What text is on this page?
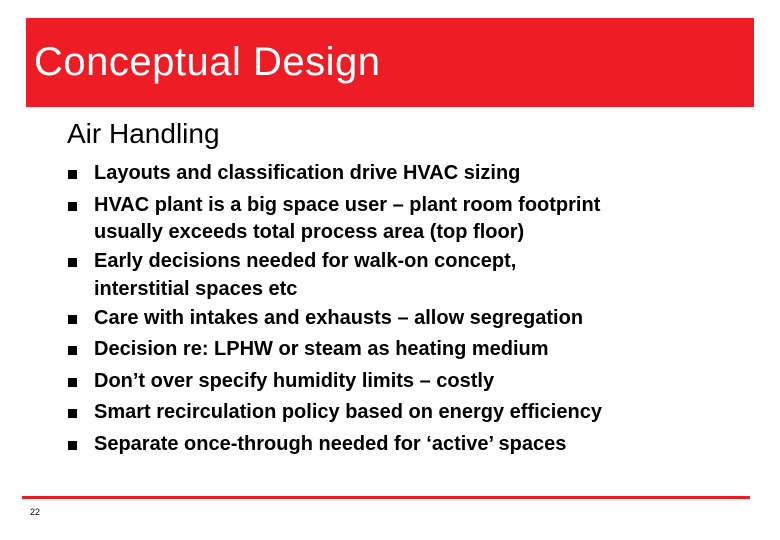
Conceptual Design
Air Handling
Layouts and classification drive HVAC sizing
HVAC plant is a big space user – plant room footprint
usually exceeds total process area (top floor)
Early decisions needed for walk-on concept,
interstitial spaces etc
Care with intakes and exhausts – allow segregation
Decision re: LPHW or steam as heating medium
Don’t over specify humidity limits – costly
Smart recirculation policy based on energy efficiency
Separate once-through needed for ‘active’ spaces
22
